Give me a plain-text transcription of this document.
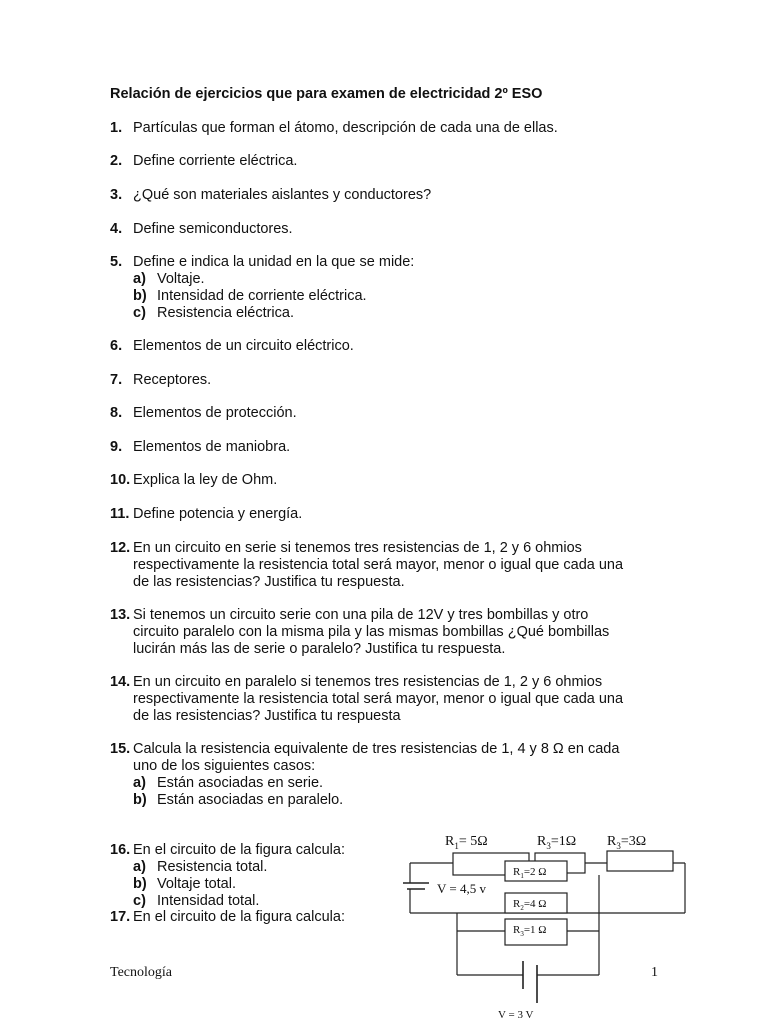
Relación de ejercicios que para examen de electricidad 2º ESO
1. Partículas que forman el átomo, descripción de cada una de ellas.
2. Define corriente eléctrica.
3. ¿Qué son materiales aislantes y conductores?
4. Define semiconductores.
5. Define e indica la unidad en la que se mide:
a) Voltaje.
b) Intensidad de corriente eléctrica.
c) Resistencia eléctrica.
6. Elementos de un circuito eléctrico.
7. Receptores.
8. Elementos de protección.
9. Elementos de maniobra.
10. Explica la ley de Ohm.
11. Define potencia y energía.
12. En un circuito en serie si tenemos tres resistencias de 1, 2 y 6 ohmios
respectivamente la resistencia total será mayor, menor o igual que cada una
de las resistencias? Justifica tu respuesta.
13. Si tenemos un circuito serie con una pila de 12V y tres bombillas y otro
circuito paralelo con la misma pila y las mismas bombillas ¿Qué bombillas
lucirán más las de serie o paralelo? Justifica tu respuesta.
14. En un circuito en paralelo si tenemos tres resistencias de 1, 2 y 6 ohmios
respectivamente la resistencia total será mayor, menor o igual que cada una
de las resistencias? Justifica tu respuesta
15. Calcula la resistencia equivalente de tres resistencias de 1, 4 y 8 Ω en cada
uno de los siguientes casos:
a) Están asociadas en serie.
b) Están asociadas en paralelo.
16. En el circuito de la figura calcula:
a) Resistencia total.
b) Voltaje total.
c) Intensidad total.
17. En el circuito de la figura calcula:
$R_1= 5\Omega$	$R_3=1\Omega$ $R_3=3\Omega$
$R_1=2$ Ω
$R_2=4$ Ω
$R_3=1$ Ω
V = 4,5 v
V = 3 V
Tecnología	1
